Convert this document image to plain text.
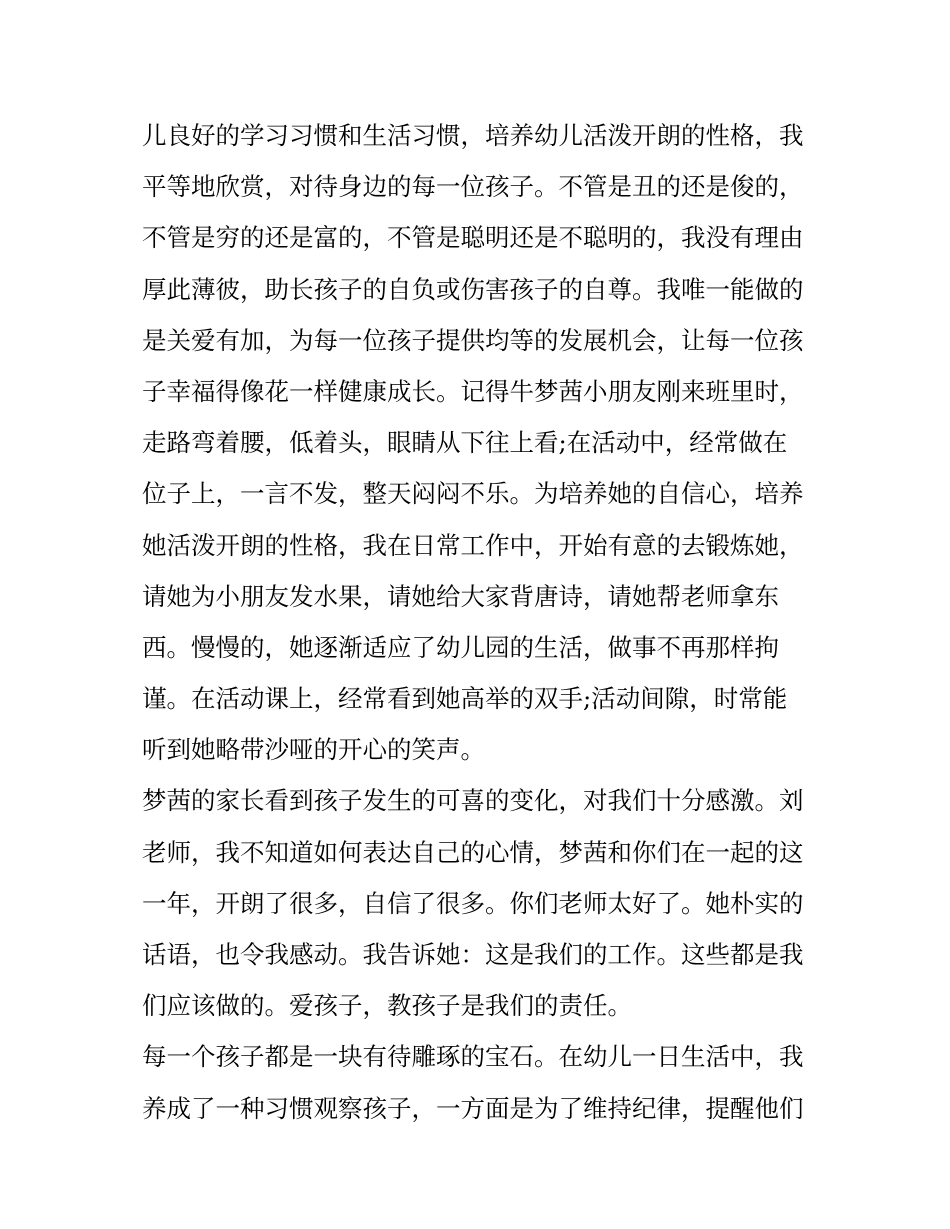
儿良好的学习习惯和生活习惯，培养幼儿活泼开朗的性格，我
平等地欣赏，对待身边的每一位孩子。不管是丑的还是俊的，
不管是穷的还是富的，不管是聪明还是不聪明的，我没有理由
厚此薄彼，助长孩子的自负或伤害孩子的自尊。我唯一能做的
是关爱有加，为每一位孩子提供均等的发展机会，让每一位孩
子幸福得像花一样健康成长。记得牛梦茜小朋友刚来班里时，
走路弯着腰，低着头，眼睛从下往上看;在活动中，经常做在
位子上，一言不发，整天闷闷不乐。为培养她的自信心，培养
她活泼开朗的性格，我在日常工作中，开始有意的去锻炼她，
请她为小朋友发水果，请她给大家背唐诗，请她帮老师拿东
西。慢慢的，她逐渐适应了幼儿园的生活，做事不再那样拘
谨。在活动课上，经常看到她高举的双手;活动间隙，时常能
听到她略带沙哑的开心的笑声。
梦茜的家长看到孩子发生的可喜的变化，对我们十分感激。刘
老师，我不知道如何表达自己的心情，梦茜和你们在一起的这
一年，开朗了很多，自信了很多。你们老师太好了。她朴实的
话语，也令我感动。我告诉她：这是我们的工作。这些都是我
们应该做的。爱孩子，教孩子是我们的责任。
每一个孩子都是一块有待雕琢的宝石。在幼儿一日生活中，我
养成了一种习惯观察孩子，一方面是为了维持纪律，提醒他们
